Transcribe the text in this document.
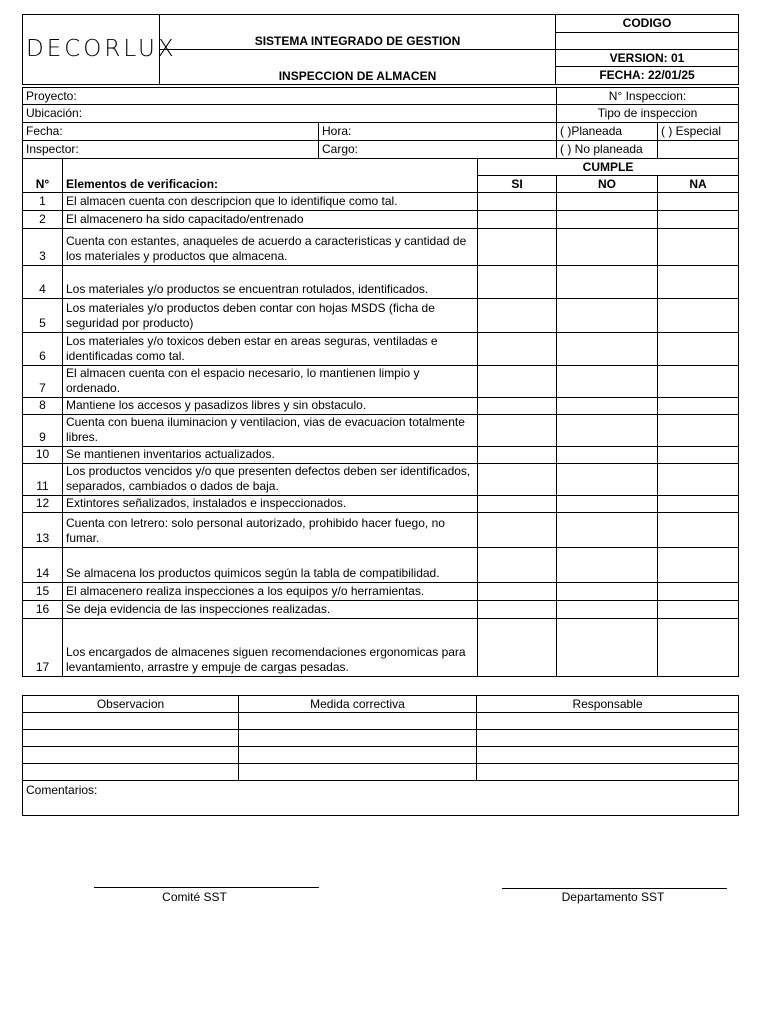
DECORLUX	SISTEMA INTEGRADO DE GESTION	CODIGO

	INSPECCION DE ALMACEN	VERSION: 01
		FECHA: 22/01/25
Proyecto:				N° Inspeccion:	
Ubicación:				Tipo de inspeccion	
Fecha:		Hora:		( )Planeada	( ) Especial
Inspector:		Cargo:		( ) No planeada	
N°	Elementos de verificacion:		CUMPLE		
			SI	NO	NA
1	El almacen cuenta con descripcion que lo identifique como tal.				
2	El almacenero ha sido capacitado/entrenado				
3	Cuenta con estantes, anaqueles de acuerdo a caracteristicas y cantidad de los materiales y productos que almacena.				
4	Los materiales y/o productos se encuentran rotulados, identificados.				
5	Los materiales y/o productos deben contar con hojas MSDS (ficha de seguridad por producto)				
6	Los materiales y/o toxicos deben estar en areas seguras, ventiladas e identificadas como tal.				
7	El almacen cuenta con el espacio necesario, lo mantienen limpio y ordenado.				
8	Mantiene los accesos y pasadizos libres y sin obstaculo.				
9	Cuenta con buena iluminacion y ventilacion, vias de evacuacion totalmente libres.				
10	Se mantienen inventarios actualizados.				
11	Los productos vencidos y/o que presenten defectos deben ser identificados, separados, cambiados o dados de baja.				
12	Extintores señalizados, instalados e inspeccionados.				
13	Cuenta con letrero: solo personal autorizado, prohibido hacer fuego, no fumar.				
14	Se almacena los productos quimicos según la tabla de compatibilidad.				
15	El almacenero realiza inspecciones a los equipos y/o herramientas.				
16	Se deja evidencia de las inspecciones realizadas.				
17	Los encargados de almacenes siguen recomendaciones ergonomicas para levantamiento, arrastre y empuje de cargas pesadas.				
Observacion	Medida correctiva	Responsable

Comentarios:		
Comité SST	Departamento SST
